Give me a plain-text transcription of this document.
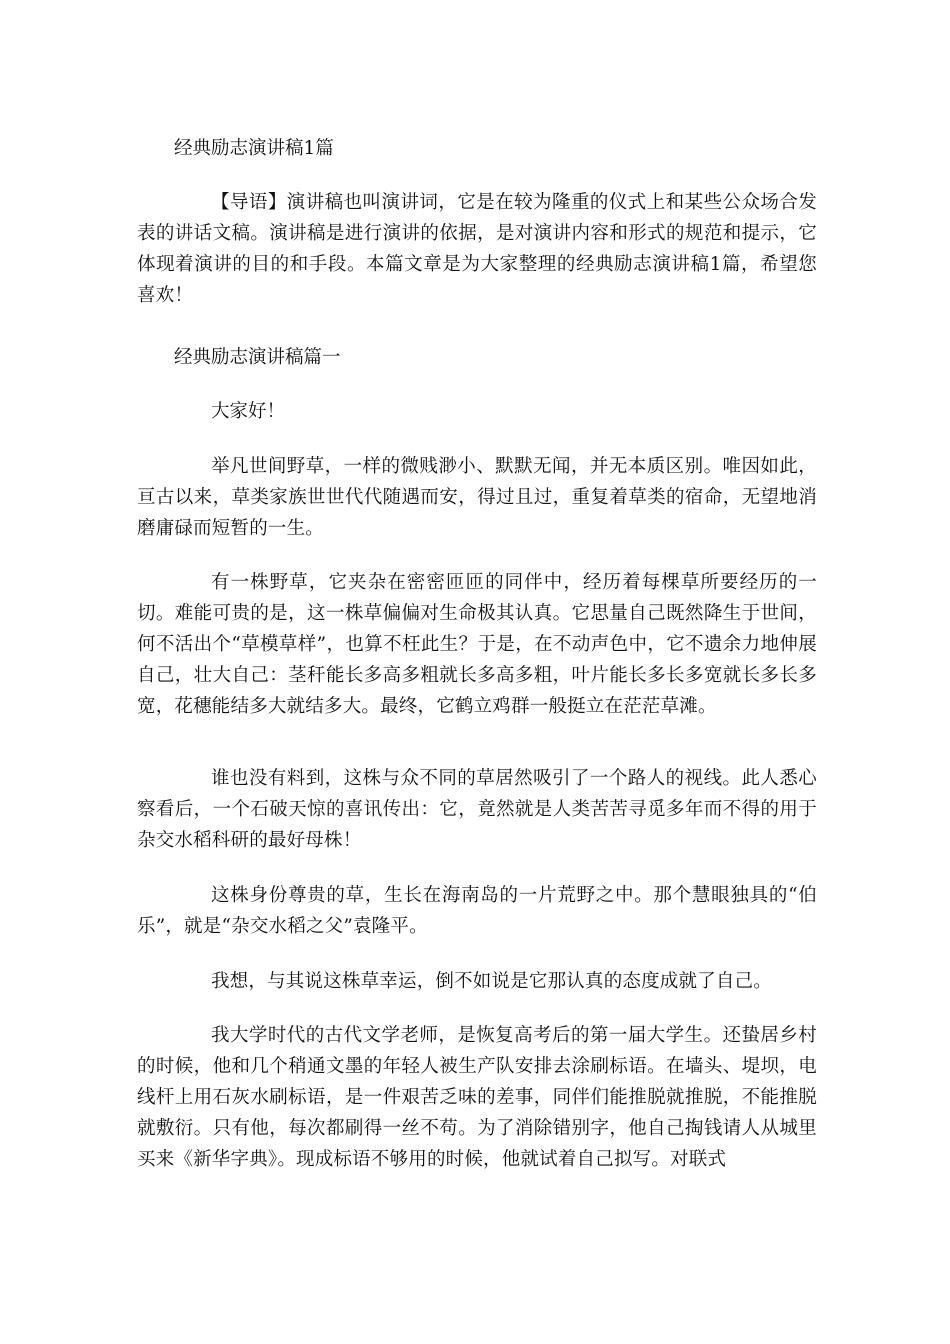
经典励志演讲稿1篇

【导语】演讲稿也叫演讲词，它是在较为隆重的仪式上和某些公众场合发表的讲话文稿。演讲稿是进行演讲的依据，是对演讲内容和形式的规范和提示，它体现着演讲的目的和手段。本篇文章是为大家整理的经典励志演讲稿1篇，希望您喜欢！

经典励志演讲稿篇一

大家好！

举凡世间野草，一样的微贱渺小、默默无闻，并无本质区别。唯因如此，亘古以来，草类家族世世代代随遇而安，得过且过，重复着草类的宿命，无望地消磨庸碌而短暂的一生。

有一株野草，它夹杂在密密匝匝的同伴中，经历着每棵草所要经历的一切。难能可贵的是，这一株草偏偏对生命极其认真。它思量自己既然降生于世间，何不活出个“草模草样”，也算不枉此生？于是，在不动声色中，它不遗余力地伸展自己，壮大自己：茎秆能长多高多粗就长多高多粗，叶片能长多长多宽就长多长多宽，花穗能结多大就结多大。最终，它鹤立鸡群一般挺立在茫茫草滩。

谁也没有料到，这株与众不同的草居然吸引了一个路人的视线。此人悉心察看后，一个石破天惊的喜讯传出：它，竟然就是人类苦苦寻觅多年而不得的用于杂交水稻科研的最好母株！

这株身份尊贵的草，生长在海南岛的一片荒野之中。那个慧眼独具的“伯乐”，就是“杂交水稻之父”袁隆平。

我想，与其说这株草幸运，倒不如说是它那认真的态度成就了自己。

我大学时代的古代文学老师，是恢复高考后的第一届大学生。还蛰居乡村的时候，他和几个稍通文墨的年轻人被生产队安排去涂刷标语。在墙头、堤坝，电线杆上用石灰水刷标语，是一件艰苦乏味的差事，同伴们能推脱就推脱，不能推脱就敷衍。只有他，每次都刷得一丝不苟。为了消除错别字，他自己掏钱请人从城里买来《新华字典》。现成标语不够用的时候，他就试着自己拟写。对联式
